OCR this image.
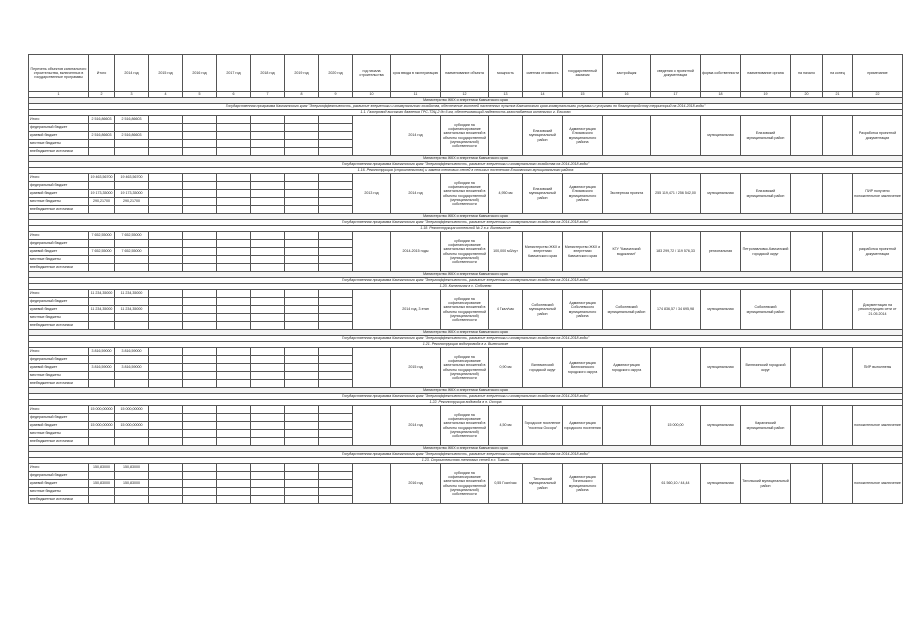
Перечень объектов капитального строительства, включенных в государственные программы	Итого	2014 год	2015 год	2016 год	2017 год	2018 год	2019 год	2020 год	год начала строительства	срок ввода в эксплуатацию	наименование объекта	мощность	сметная стоимость	государственный заказчик	застройщик	сведения о проектной документации	форма собственности	наименование органа	на начало	на конец	примечание
1	2	3	4	5	6	7	8	9	10	11	12	13	14	15	16	17	18	19	20	21	22
Министерство ЖКХ и энергетики Камчатского края																					
Государственная программа Камчатского края "Энергоэффективность, развитие энергетики и коммунального хозяйства, обеспечение жителей населенных пунктов Камчатского края коммунальными услугами и услугами по благоустройству территорий на 2014-2018 годы"																					
1.1. Газопровод высокого давления ГРС-ТЭЦ-2 до 6 км, обеспечивающий надежность газоснабжения котельных г. Елизово																					
Итого	2 516,86603	2 516,86603								2014 год	субсидии на софинансирование капитальных вложений в объекты государственной (муниципальной) собственности		Елизовский муниципальный район	Администрация Елизовского муниципального района			муниципальная	Елизовский муниципальный район			Разработка проектной документации
федеральный бюджет																					
краевой бюджет	2 516,86603	2 516,86603																			
местные бюджеты																					
внебюджетные источники																					
Министерство ЖКХ и энергетики Камчатского края																					
Государственная программа Камчатского края "Энергоэффективность, развитие энергетики и коммунального хозяйства на 2014-2018 годы"																					
1.16. Реконструкция (строительство) и замена тепловых сетей в сельских поселениях Елизовского муниципального района																					
Итого	19 463,56700	19 463,56700							2013 год	2014 год	субсидии на софинансирование капитальных вложений в объекты государственной (муниципальной) собственности	4,950 км	Елизовский муниципальный район	Администрация Елизовского муниципального района	Экспертиза проекта	255 119,471 / 256 542,00	муниципальная	Елизовский муниципальный район			ПИР получено положительное заключение
федеральный бюджет																					
краевой бюджет	19 173,35000	19 173,35000																			
местные бюджеты	290,21700	290,21700																			
внебюджетные источники																					
Министерство ЖКХ и энергетики Камчатского края																					
Государственная программа Камчатского края "Энергоэффективность, развитие энергетики и коммунального хозяйства на 2014-2018 годы"																					
1.18. Реконструкция котельной № 2 в г. Вилючинске																					
Итого	7 652,55000	7 652,55000								2014-2015 годы	субсидии на софинансирование капитальных вложений в объекты государственной (муниципальной) собственности	100,000 м3/сут	Министерство ЖКХ и энергетики Камчатского края	Министерство ЖКХ и энергетики Камчатского края	КГУ "Камчатский водоканал"	183 299,72 / 119 576,33	региональная	Петропавловск-Камчатский городской округ			разработка проектной документации
федеральный бюджет																					
краевой бюджет	7 652,55000	7 652,55000																			
местные бюджеты																					
внебюджетные источники																					
Министерство ЖКХ и энергетики Камчатского края																					
Государственная программа Камчатского края "Энергоэффективность, развитие энергетики и коммунального хозяйства на 2014-2018 годы"																					
1.20. Котельная в с. Соболево																					
Итого	11 234,35000	11 234,35000								2014 год, 3 этап	субсидии на софинансирование капитальных вложений в объекты государственной (муниципальной) собственности	4 Гкал/час	Соболевский муниципальный район	Администрация Соболевского муниципального района	Соболевский муниципальный район	174 836,57 / 34 695,98	муниципальная	Соболевский муниципальный район			Документация на реконструкцию сети от 21.05.2014
федеральный бюджет																					
краевой бюджет	11 234,35000	11 234,35000																			
местные бюджеты																					
внебюджетные источники																					
Министерство ЖКХ и энергетики Камчатского края																					
Государственная программа Камчатского края "Энергоэффективность, развитие энергетики и коммунального хозяйства на 2014-2018 годы"																					
1.21. Реконструкция водопровода в г. Вилючинске																					
Итого	3 816,59000	3 816,59000								2015 год	субсидии на софинансирование капитальных вложений в объекты государственной (муниципальной) собственности	0,90 км	Вилючинский городской округ	Администрация Вилючинского городского округа	Администрация городского округа		муниципальная	Вилючинский городской округ			ПИР выполнены
федеральный бюджет																					
краевой бюджет	3 816,59000	3 816,59000																			
местные бюджеты																					
внебюджетные источники																					
Министерство ЖКХ и энергетики Камчатского края																					
Государственная программа Камчатского края "Энергоэффективность, развитие энергетики и коммунального хозяйства на 2014-2018 годы"																					
1.22. Реконструкция водовода в п. Оссора																					
Итого	15 000,00000	15 000,00000								2014 год	субсидии на софинансирование капитальных вложений в объекты государственной (муниципальной) собственности	4,50 км	Городское поселение "поселок Оссора"	Администрация городского поселения		15 000,00	муниципальная	Карагинский муниципальный район			положительное заключение
федеральный бюджет																					
краевой бюджет	15 000,00000	15 000,00000																			
местные бюджеты																					
внебюджетные источники																					
Министерство ЖКХ и энергетики Камчатского края																					
Государственная программа Камчатского края "Энергоэффективность, развитие энергетики и коммунального хозяйства на 2014-2018 годы"																					
1.23. Строительство тепловых сетей в с. Тигиль																					
Итого	150,83000	150,83000								2016 год	субсидии на софинансирование капитальных вложений в объекты государственной (муниципальной) собственности	0,55 Гкал/час	Тигильский муниципальный район	Администрация Тигильского муниципального района		61 560,10 / 44,44	муниципальная	Тигильский муниципальный район			положительное заключение
федеральный бюджет																					
краевой бюджет	150,83000	150,83000																			
местные бюджеты																					
внебюджетные источники																					
